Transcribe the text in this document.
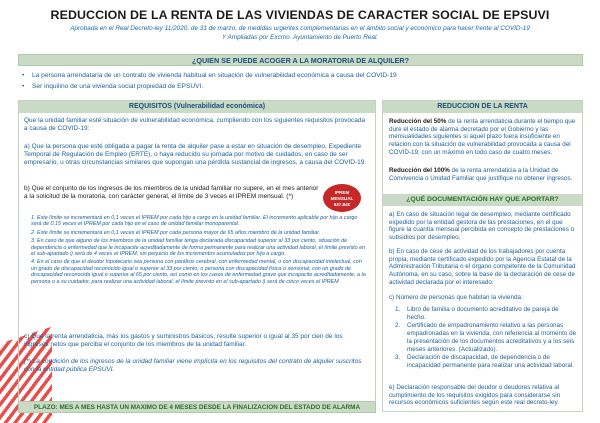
REDUCCION DE LA RENTA DE LAS VIVIENDAS DE CARACTER SOCIAL DE EPSUVI
Aprobada en el Real Decreto-ley 11/2020, de 31 de marzo, de medidas urgentes complementarias en el ámbito social y económico para hacer frente al COVID-19
Y Ampliadas por Excmo. Ayuntamiento de Puerto Real.
¿QUIEN SE PUEDE ACOGER A LA MORATORIA DE ALQUILER?
• La persona arrendataria de un contrato de vivienda habitual en situación de vulnerabilidad económica a causa del COVID-19
• Ser inquilino de una vivienda social propiedad de EPSUVI.
REQUISITOS (Vulnerabilidad económica)
Que la unidad familiar esté situación de vulnerabilidad económica, cumpliendo con los siguientes requisitos provocada a causa de COVID-19:
a) Que la persona que esté obligada a pagar la renta de alquiler pase a estar en situación de desempleo, Expediente Temporal de Regulación de Empleo (ERTE), o haya reducido su jornada por motivo de cuidados, en caso de ser empresario, u otras circunstancias similares que supongan una pérdida sustancial de ingresos, a causa del COVID-19.
b) Que el conjunto de los ingresos de los miembros de la unidad familiar no supere, en el mes anterior a la solicitud de la moratoria, con carácter general, el límite de 3 veces el IPREM mensual. (*)
IPREM
MENSUAL
537.84€
1. Este límite se incrementará en 0,1 veces el IPREM por cada hijo a cargo en la unidad familiar. El incremento aplicable por hijo a cargo será de 0,15 veces el IPREM por cada hijo en el caso de unidad familiar monoparental.
2. Este límite se incrementará en 0,1 veces el IPREM por cada persona mayor de 65 años miembro de la unidad familiar.
3. En caso de que alguno de los miembros de la unidad familiar tenga declarada discapacidad superior al 33 por ciento, situación de dependencia o enfermedad que le incapacite acreditadamente de forma permanente para realizar una actividad laboral, el límite previsto en el sub-apartado i) será de 4 veces el IPREM, sin perjuicio de los incrementos acumulados por hijo a cargo.
4. En el caso de que el deudor hipotecario sea persona con parálisis cerebral, con enfermedad mental, o con discapacidad intelectual, con un grado de discapacidad reconocido igual o superior al 33 por ciento, o persona con discapacidad física o sensorial, con un grado de discapacidad reconocida igual o superior al 65 por ciento, así como en los casos de enfermedad grave que incapacite acreditadamente, a la persona o a su cuidador, para realizar una actividad laboral, el límite previsto en el sub-apartado i) será de cinco veces el IPREM
c) Que la renta arrendaticia, más los gastos y suministros básicos, resulte superior o igual al 35 por cien de los ingresos netos que perciba el conjunto de los miembros de la unidad familiar.
(*) La condición de los ingresos de la unidad familiar viene implícita en los requisitos del contrato de alquiler suscritos con la entidad pública EPSUVI.
PLAZO: MES A MES HASTA UN MAXIMO DE 4 MESES DESDE LA FINALIZACION DEL ESTADO DE ALARMA
REDUCCION DE LA RENTA
Reducción del 50% de la renta arrendaticia durante el tiempo que dure el estado de alarma decretado por el Gobierno y las mensualidades siguientes si aquel plazo fuera insuficiente en relación con la situación de vulnerabilidad provocada a causa del COVID-19, con un máximo en todo caso de cuatro meses.
Reducción del 100% de la renta arrendaticia a la Unidad de Convivencia o Unidad Familiar que justifique no obtener ingresos.
¿QUÉ DOCUMENTACIÓN HAY QUE APORTAR?
a) En caso de situación legal de desempleo, mediante certificado expedido por la entidad gestora de las prestaciones, en el que figure la cuantía mensual percibida en concepto de prestaciones o subsidios por desempleo.
b) En caso de cese de actividad de los trabajadores por cuenta propia, mediante certificado expedido por la Agencia Estatal de la Administración Tributaria o el órgano competente de la Comunidad Autónoma, en su caso, sobre la base de la declaración de cese de actividad declarada por el interesado.
c) Número de personas que habitan la vivienda:
1. Libro de familia o documento acreditativo de pareja de hecho.
2. Certificado de empadronamiento relativo a las personas empadronadas en la vivienda, con referencia al momento de la presentación de los documentos acreditativos y a los seis meses anteriores. (Actualizado).
3. Declaración de discapacidad, de dependencia o de incapacidad permanente para realizar una actividad laboral.
e) Declaración responsable del deudor o deudores relativa al cumplimiento de los requisitos exigidos para considerarse sin recursos económicos suficientes según este real decreto-ley.
